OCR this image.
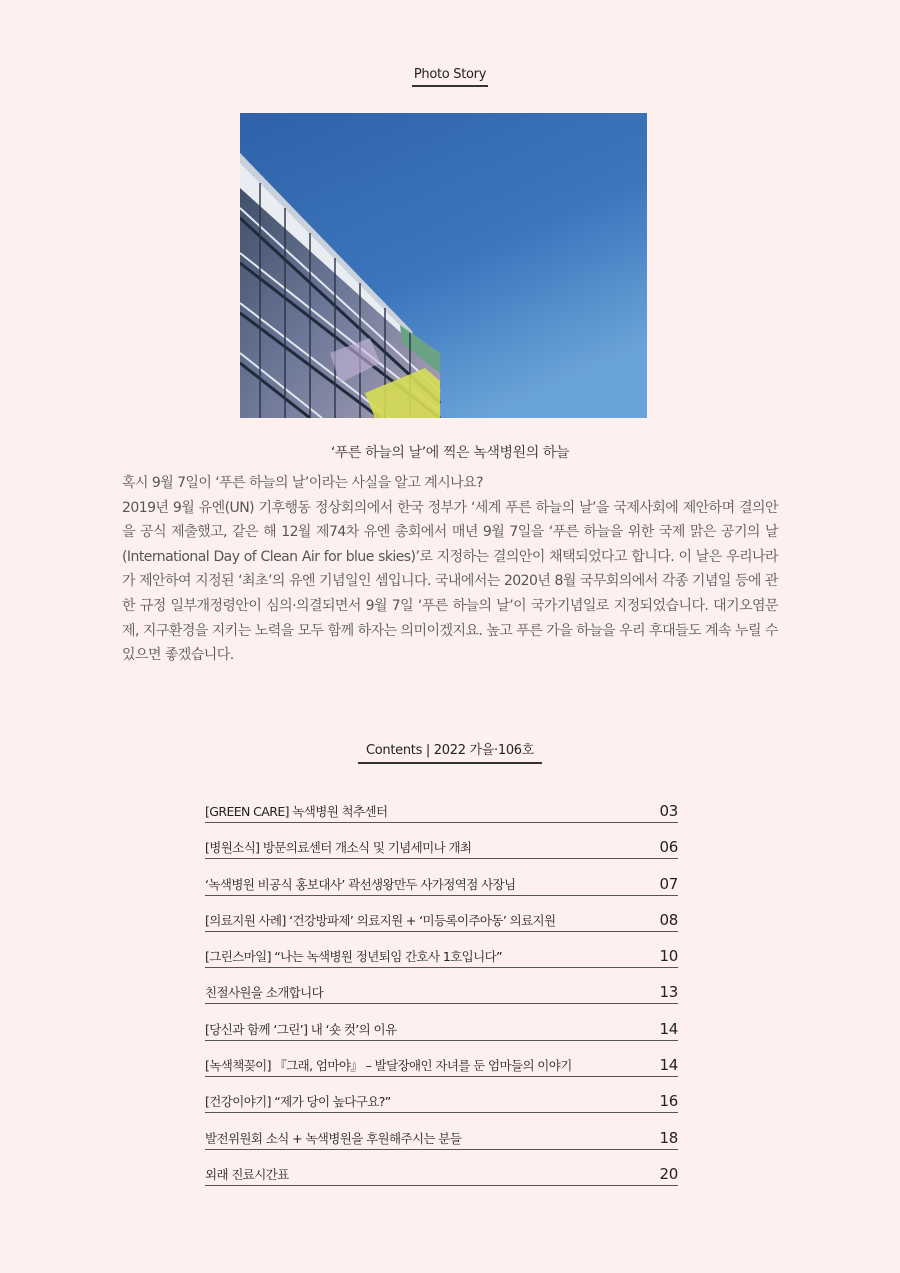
Photo Story
‘푸른 하늘의 날’에 찍은 녹색병원의 하늘

혹시 9월 7일이 ‘푸른 하늘의 날’이라는 사실을 알고 계시나요?

2019년 9월 유엔(UN) 기후행동 정상회의에서 한국 정부가 ‘세계 푸른 하늘의 날’을 국제사회에 제안하며 결의안을 공식 제출했고, 같은 해 12월 제74차 유엔 총회에서 매년 9월 7일을 ‘푸른 하늘을 위한 국제 맑은 공기의 날(International Day of Clean Air for blue skies)’로 지정하는 결의안이 채택되었다고 합니다. 이 날은 우리나라가 제안하여 지정된 ‘최초’의 유엔 기념일인 셈입니다. 국내에서는 2020년 8월 국무회의에서 각종 기념일 등에 관한 규정 일부개정령안이 심의·의결되면서 9월 7일 ‘푸른 하늘의 날’이 국가기념일로 지정되었습니다. 대기오염문제, 지구환경을 지키는 노력을 모두 함께 하자는 의미이겠지요. 높고 푸른 가을 하늘을 우리 후대들도 계속 누릴 수 있으면 좋겠습니다.

Contents | 2022 가을·106호
[GREEN CARE] 녹색병원 척추센터	03
[병원소식] 방문의료센터 개소식 및 기념세미나 개최	06
‘녹색병원 비공식 홍보대사’ 곽선생왕만두 사가정역점 사장님	07
[의료지원 사례] ‘건강방파제’ 의료지원 + ‘미등록이주아동’ 의료지원	08
[그린스마일] “나는 녹색병원 정년퇴임 간호사 1호입니다”	10
친절사원을 소개합니다	13
[당신과 함께 ‘그린’] 내 ‘숏 컷’의 이유	14
[녹색책꽂이] 『그래, 엄마야』 – 발달장애인 자녀를 둔 엄마들의 이야기	14
[건강이야기] “제가 당이 높다구요?”	16
발전위원회 소식 + 녹색병원을 후원해주시는 분들	18
외래 진료시간표	20
